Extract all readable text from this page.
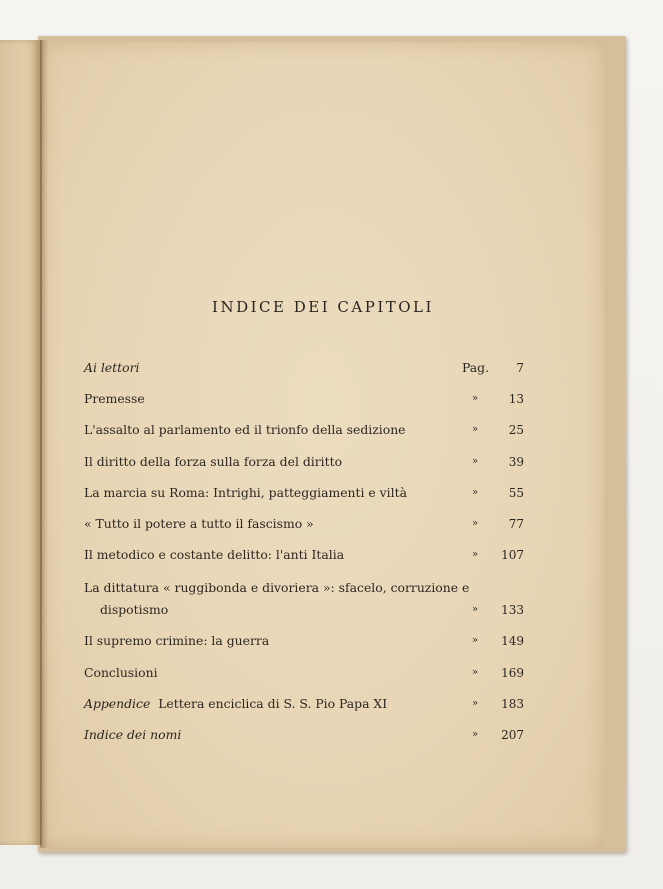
INDICE DEI CAPITOLI
Ai lettori	Pag.	7
Premesse	»	13
L'assalto al parlamento ed il trionfo della sedizione	»	25
Il diritto della forza sulla forza del diritto	»	39
La marcia su Roma: Intrighi, patteggiamenti e viltà	»	55
« Tutto il potere a tutto il fascismo »	»	77
Il metodico e costante delitto: l'anti Italia	»	107
La dittatura « ruggibonda e divoriera »: sfacelo, corruzione e
dispotismo	»	133
Il supremo crimine: la guerra	»	149
Conclusioni	»	169
Appendice Lettera enciclica di S. S. Pio Papa XI	»	183
Indice dei nomi	»	207
